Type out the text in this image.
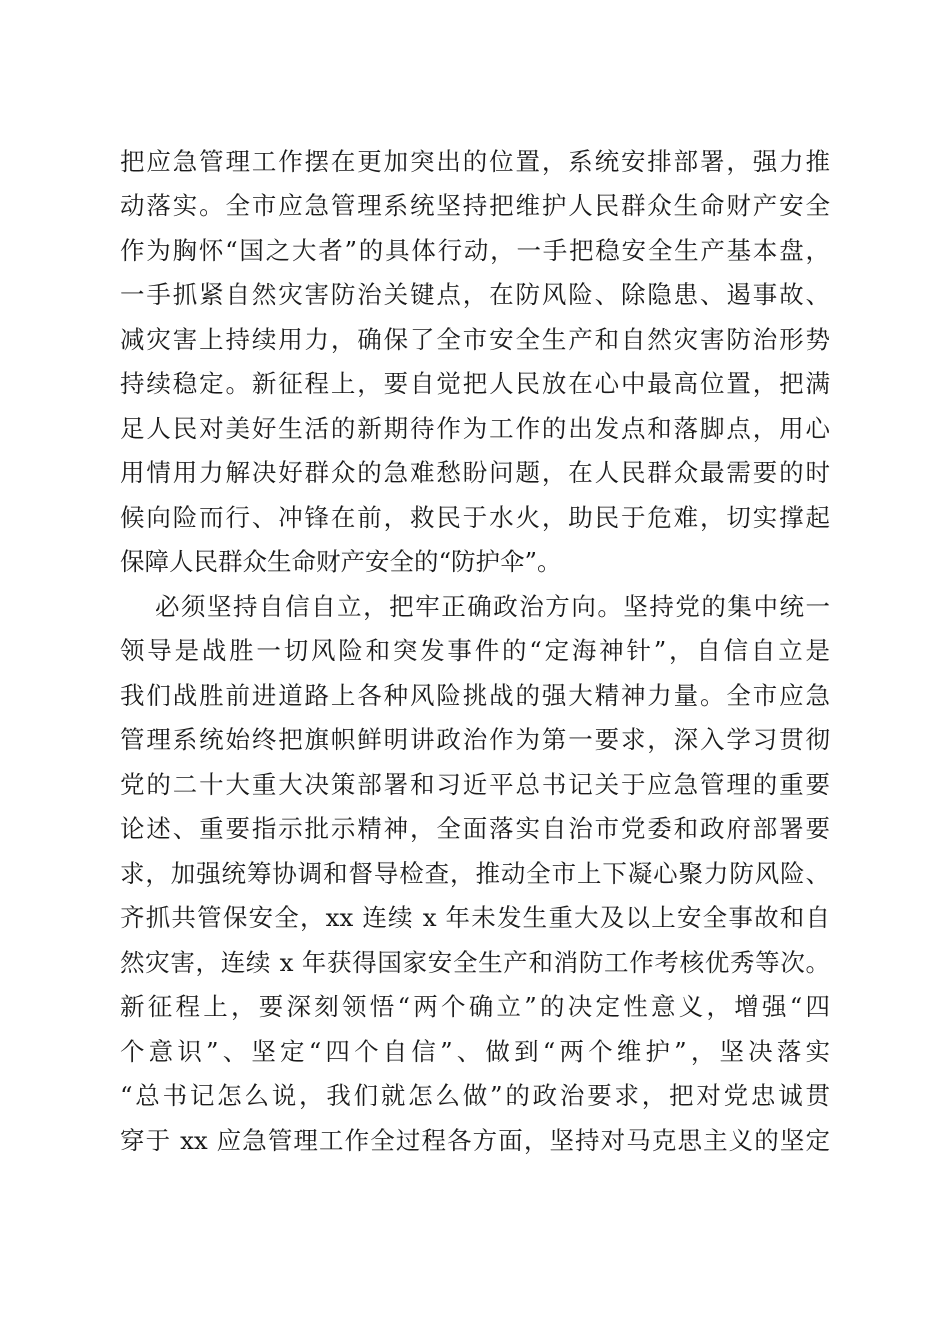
把应急管理工作摆在更加突出的位置，系统安排部署，强力推
动落实。全市应急管理系统坚持把维护人民群众生命财产安全
作为胸怀“国之大者”的具体行动，一手把稳安全生产基本盘，
一手抓紧自然灾害防治关键点，在防风险、除隐患、遏事故、
减灾害上持续用力，确保了全市安全生产和自然灾害防治形势
持续稳定。新征程上，要自觉把人民放在心中最高位置，把满
足人民对美好生活的新期待作为工作的出发点和落脚点，用心
用情用力解决好群众的急难愁盼问题，在人民群众最需要的时
候向险而行、冲锋在前，救民于水火，助民于危难，切实撑起
保障人民群众生命财产安全的“防护伞”。
必须坚持自信自立，把牢正确政治方向。坚持党的集中统一
领导是战胜一切风险和突发事件的“定海神针”，自信自立是
我们战胜前进道路上各种风险挑战的强大精神力量。全市应急
管理系统始终把旗帜鲜明讲政治作为第一要求，深入学习贯彻
党的二十大重大决策部署和习近平总书记关于应急管理的重要
论述、重要指示批示精神，全面落实自治市党委和政府部署要
求，加强统筹协调和督导检查，推动全市上下凝心聚力防风险、
齐抓共管保安全，xx 连续 x 年未发生重大及以上安全事故和自
然灾害，连续 x 年获得国家安全生产和消防工作考核优秀等次。
新征程上，要深刻领悟“两个确立”的决定性意义，增强“四
个意识”、坚定“四个自信”、做到“两个维护”，坚决落实
“总书记怎么说，我们就怎么做”的政治要求，把对党忠诚贯
穿于 xx 应急管理工作全过程各方面，坚持对马克思主义的坚定
